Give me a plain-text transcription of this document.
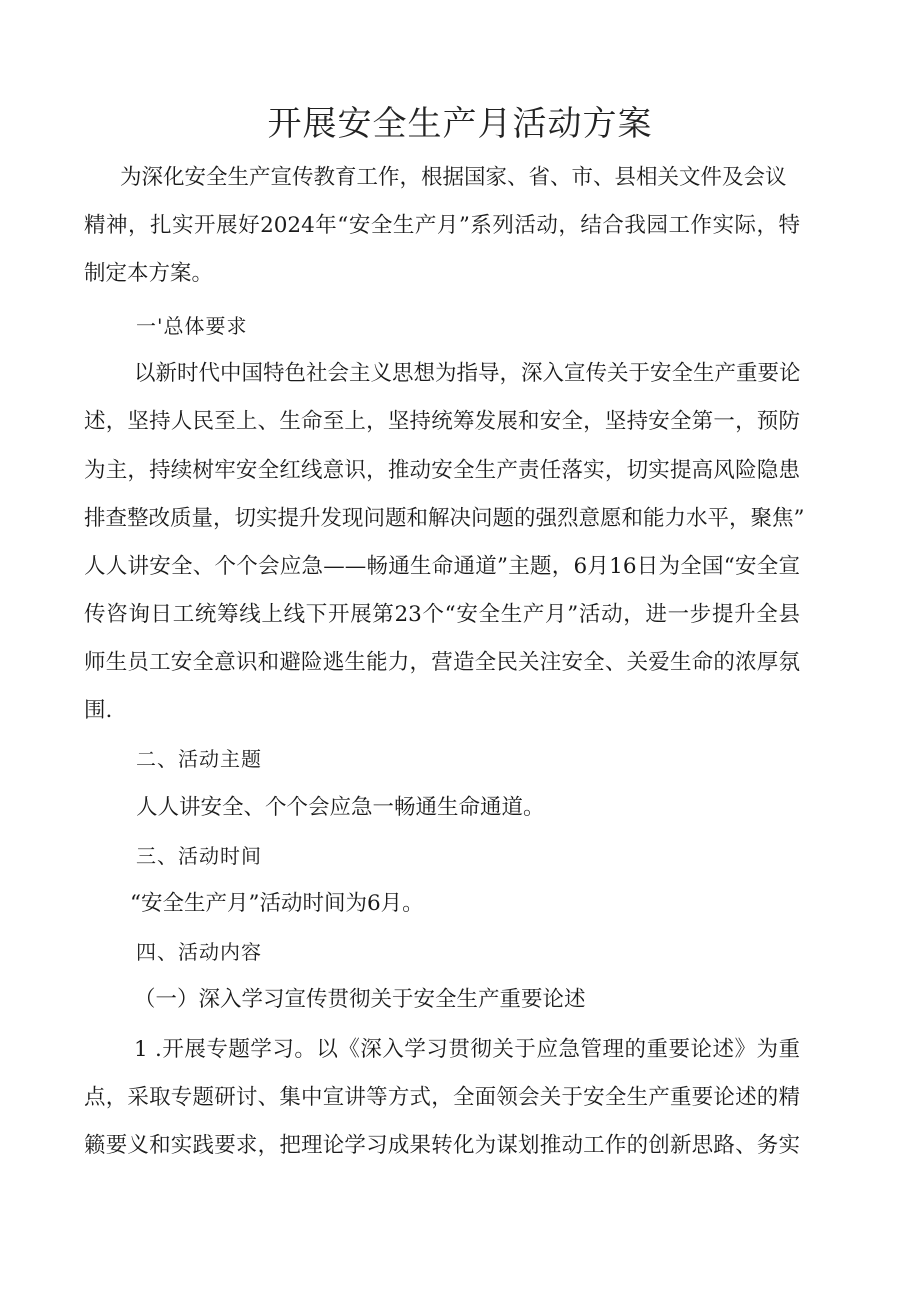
开展安全生产月活动方案

为深化安全生产宣传教育工作，根据国家、省、市、县相关文件及会议

精神，扎实开展好2024年“安全生产月”系列活动，结合我园工作实际，特

制定本方案。

一'总体要求

以新时代中国特色社会主义思想为指导，深入宣传关于安全生产重要论

述，坚持人民至上、生命至上，坚持统筹发展和安全，坚持安全第一，预防

为主，持续树牢安全红线意识，推动安全生产责任落实，切实提高风险隐患

排查整改质量，切实提升发现问题和解决问题的强烈意愿和能力水平，聚焦”

人人讲安全、个个会应急——畅通生命通道”主题，6月16日为全国“安全宣

传咨询日工统筹线上线下开展第23个“安全生产月”活动，进一步提升全县

师生员工安全意识和避险逃生能力，营造全民关注安全、关爱生命的浓厚氛

围.

二、活动主题

人人讲安全、个个会应急一畅通生命通道。

三、活动时间

“安全生产月”活动时间为6月。

四、活动内容

（一）深入学习宣传贯彻关于安全生产重要论述

1 .开展专题学习。以《深入学习贯彻关于应急管理的重要论述》为重

点，采取专题研讨、集中宣讲等方式，全面领会关于安全生产重要论述的精

籁要义和实践要求，把理论学习成果转化为谋划推动工作的创新思路、务实
